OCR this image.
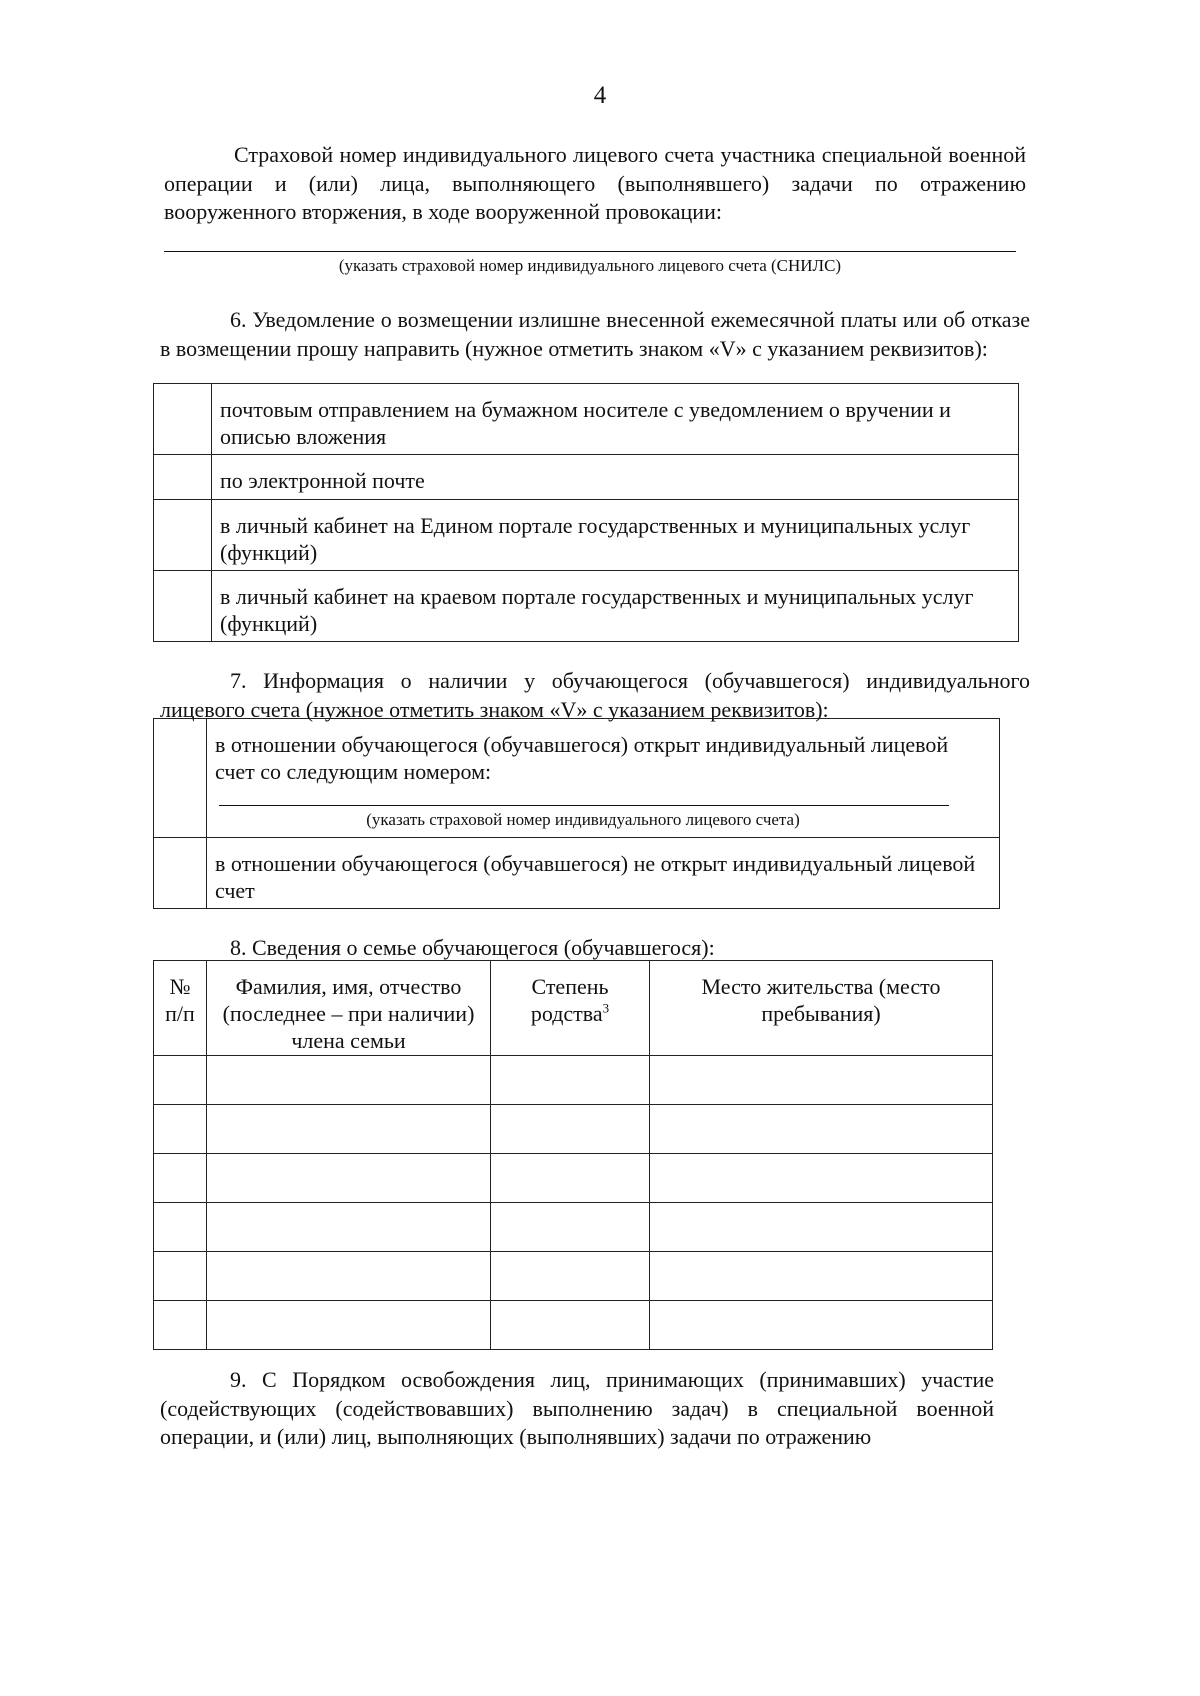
4

Страховой номер индивидуального лицевого счета участника специальной военной операции и (или) лица, выполняющего (выполнявшего) задачи по отражению вооруженного вторжения, в ходе вооруженной провокации:

(указать страховой номер индивидуального лицевого счета (СНИЛС)

6. Уведомление о возмещении излишне внесенной ежемесячной платы или об отказе в возмещении прошу направить (нужное отметить знаком «V» с указанием реквизитов):

	почтовым отправлением на бумажном носителе с уведомлением о вручении и описью вложения
	по электронной почте
	в личный кабинет на Едином портале государственных и муниципальных услуг (функций)
	в личный кабинет на краевом портале государственных и муниципальных услуг (функций)

7. Информация о наличии у обучающегося (обучавшегося) индивидуального лицевого счета (нужное отметить знаком «V» с указанием реквизитов):

	в отношении обучающегося (обучавшегося) открыт индивидуальный лицевой счет со следующим номером:
(указать страховой номер индивидуального лицевого счета)

	в отношении обучающегося (обучавшегося) не открыт индивидуальный лицевой счет

8. Сведения о семье обучающегося (обучавшегося):

№ п/п	Фамилия, имя, отчество (последнее – при наличии) члена семьи	Степень родства$^3$	Место жительства (место пребывания)

9. С Порядком освобождения лиц, принимающих (принимавших) участие (содействующих (содействовавших) выполнению задач) в специальной военной операции, и (или) лиц, выполняющих (выполнявших) задачи по отражению
